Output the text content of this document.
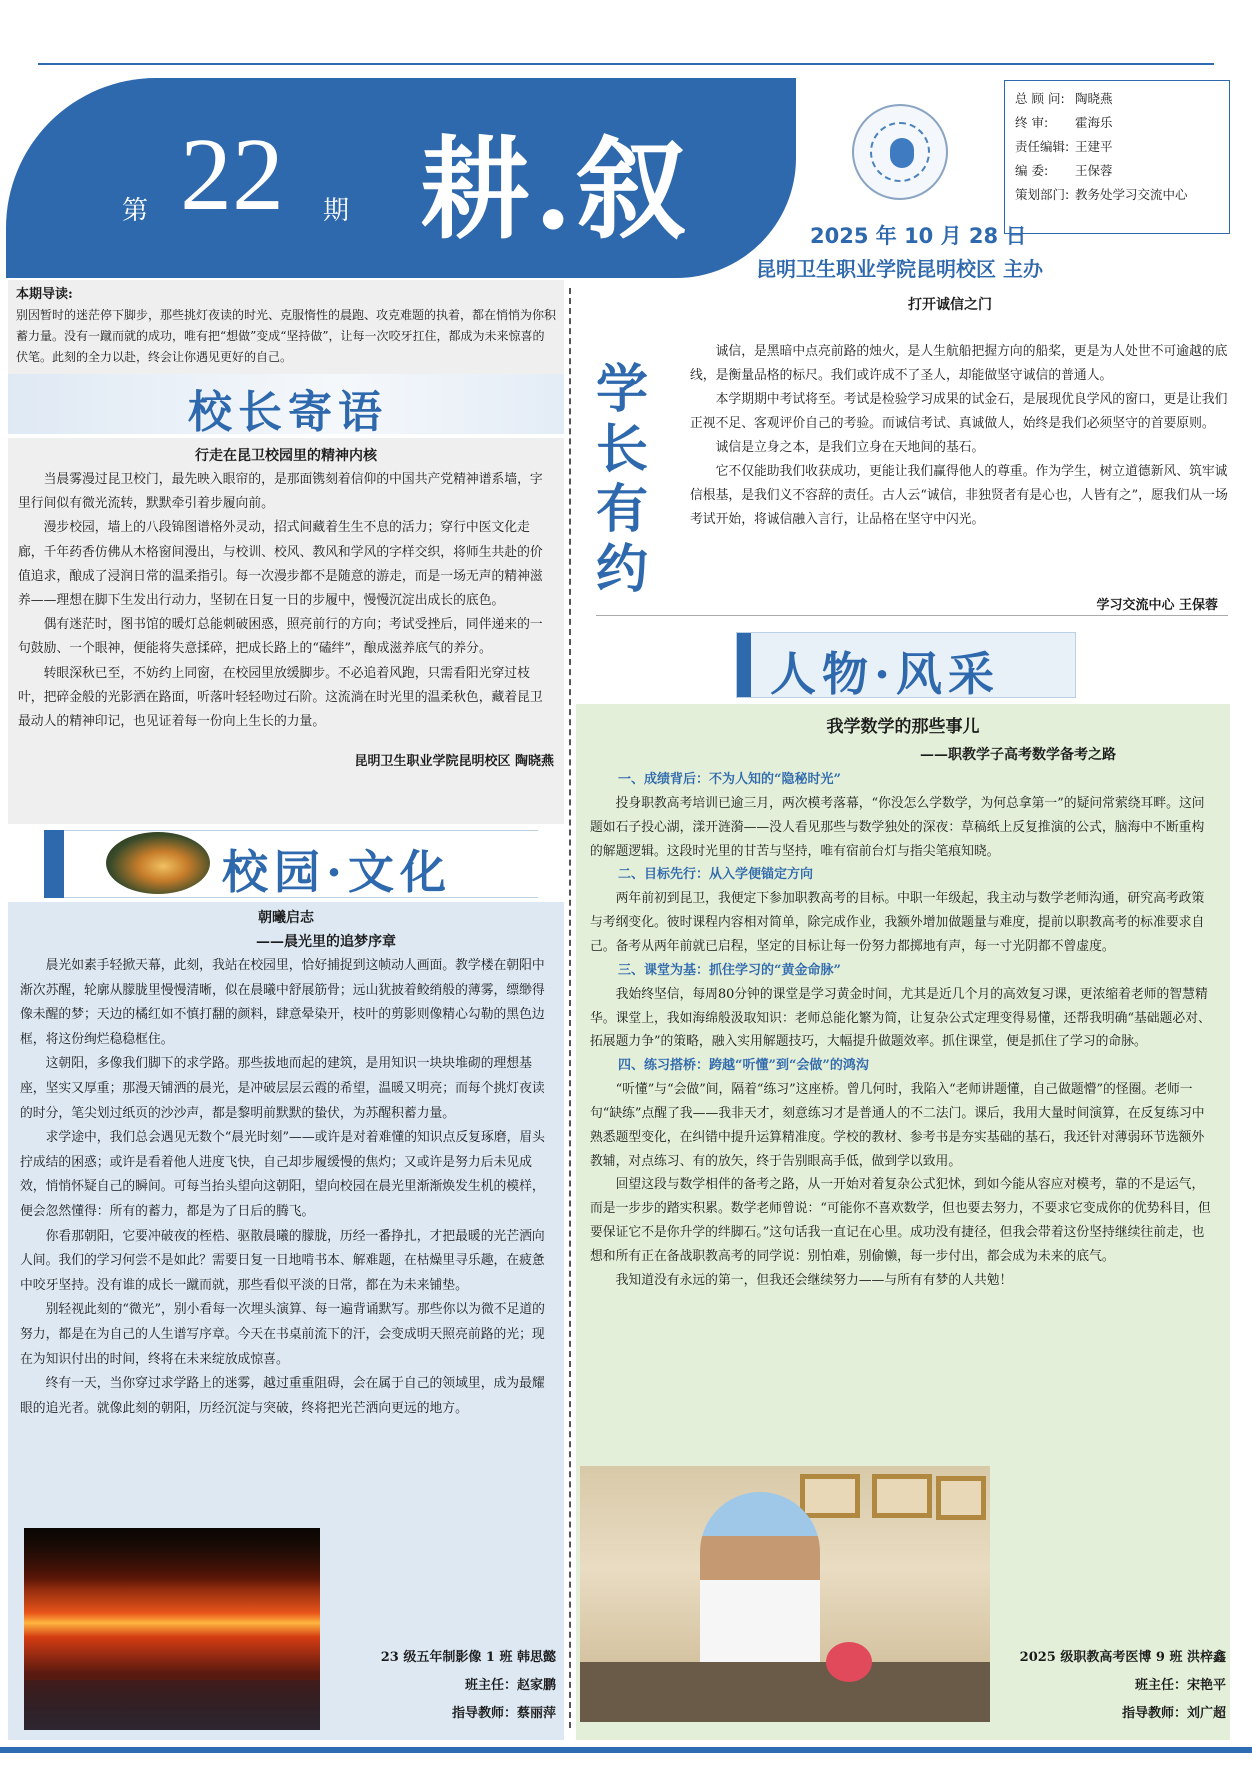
第 22 期 耕.叙	2025 年 10 月 28 日
昆明卫生职业学院昆明校区 主办
总 顾 问: 陶晓燕
终 审:	霍海乐
责任编辑: 王建平
编 委:	王保蓉
策划部门: 教务处学习交流中心
本期导读:
别因暂时的迷茫停下脚步，那些挑灯夜读的时光、克服惰性的晨跑、攻克难题的执着，都在悄悄为你积蓄力量。没有一蹴而就的成功，唯有把“想做”变成“坚持做”，让每一次咬牙扛住，都成为未来惊喜的伏笔。此刻的全力以赴，终会让你遇见更好的自己。
校长寄语
行走在昆卫校园里的精神内核

当晨雾漫过昆卫校门，最先映入眼帘的，是那面镌刻着信仰的中国共产党精神谱系墙，字里行间似有微光流转，默默牵引着步履向前。

漫步校园，墙上的八段锦图谱格外灵动，招式间藏着生生不息的活力；穿行中医文化走廊，千年药香仿佛从木格窗间漫出，与校训、校风、教风和学风的字样交织，将师生共赴的价值追求，酿成了浸润日常的温柔指引。每一次漫步都不是随意的游走，而是一场无声的精神滋养——理想在脚下生发出行动力，坚韧在日复一日的步履中，慢慢沉淀出成长的底色。

偶有迷茫时，图书馆的暖灯总能刺破困惑，照亮前行的方向；考试受挫后，同伴递来的一句鼓励、一个眼神，便能将失意揉碎，把成长路上的“磕绊”，酿成滋养底气的养分。

转眼深秋已至，不妨约上同窗，在校园里放缓脚步。不必追着风跑，只需看阳光穿过枝叶，把碎金般的光影洒在路面，听落叶轻轻吻过石阶。这流淌在时光里的温柔秋色，藏着昆卫最动人的精神印记，也见证着每一份向上生长的力量。

昆明卫生职业学院昆明校区 陶晓燕
校园·文化
朝曦启志
——晨光里的追梦序章

晨光如素手轻掀天幕，此刻，我站在校园里，恰好捕捉到这帧动人画面。教学楼在朝阳中渐次苏醒，轮廓从朦胧里慢慢清晰，似在晨曦中舒展筋骨；远山犹披着鲛绡般的薄雾，缥缈得像未醒的梦；天边的橘红如不慎打翻的颜料，肆意晕染开，枝叶的剪影则像精心勾勒的黑色边框，将这份绚烂稳稳框住。

这朝阳，多像我们脚下的求学路。那些拔地而起的建筑，是用知识一块块堆砌的理想基座，坚实又厚重；那漫天铺洒的晨光，是冲破层层云霞的希望，温暖又明亮；而每个挑灯夜读的时分，笔尖划过纸页的沙沙声，都是黎明前默默的蛰伏，为苏醒积蓄力量。

求学途中，我们总会遇见无数个“晨光时刻”——或许是对着难懂的知识点反复琢磨，眉头拧成结的困惑；或许是看着他人进度飞快，自己却步履缓慢的焦灼；又或许是努力后未见成效，悄悄怀疑自己的瞬间。可每当抬头望向这朝阳，望向校园在晨光里渐渐焕发生机的模样，便会忽然懂得：所有的蓄力，都是为了日后的腾飞。

你看那朝阳，它要冲破夜的桎梏、驱散晨曦的朦胧，历经一番挣扎，才把最暖的光芒洒向人间。我们的学习何尝不是如此？需要日复一日地啃书本、解难题，在枯燥里寻乐趣，在疲惫中咬牙坚持。没有谁的成长一蹴而就，那些看似平淡的日常，都在为未来铺垫。

别轻视此刻的“微光”，别小看每一次埋头演算、每一遍背诵默写。那些你以为微不足道的努力，都是在为自己的人生谱写序章。今天在书桌前流下的汗，会变成明天照亮前路的光；现在为知识付出的时间，终将在未来绽放成惊喜。

终有一天，当你穿过求学路上的迷雾，越过重重阻碍，会在属于自己的领域里，成为最耀眼的追光者。就像此刻的朝阳，历经沉淀与突破，终将把光芒洒向更远的地方。

23 级五年制影像 1 班 韩思懿
班主任：赵家鹏
指导教师：蔡丽萍
学长有约
打开诚信之门

诚信，是黑暗中点亮前路的烛火，是人生航船把握方向的船桨，更是为人处世不可逾越的底线，是衡量品格的标尺。我们或许成不了圣人，却能做坚守诚信的普通人。

本学期期中考试将至。考试是检验学习成果的试金石，是展现优良学风的窗口，更是让我们正视不足、客观评价自己的考验。而诚信考试、真诚做人，始终是我们必须坚守的首要原则。

诚信是立身之本，是我们立身在天地间的基石。

它不仅能助我们收获成功，更能让我们赢得他人的尊重。作为学生，树立道德新风、筑牢诚信根基，是我们义不容辞的责任。古人云“诚信，非独贤者有是心也，人皆有之”，愿我们从一场考试开始，将诚信融入言行，让品格在坚守中闪光。

学习交流中心 王保蓉
人物·风采
我学数学的那些事儿
——职教学子高考数学备考之路
一、成绩背后：不为人知的“隐秘时光”

投身职教高考培训已逾三月，两次模考落幕，“你没怎么学数学，为何总拿第一”的疑问常萦绕耳畔。这问题如石子投心湖，漾开涟漪——没人看见那些与数学独处的深夜：草稿纸上反复推演的公式，脑海中不断重构的解题逻辑。这段时光里的甘苦与坚持，唯有宿前台灯与指尖笔痕知晓。

二、目标先行：从入学便锚定方向

两年前初到昆卫，我便定下参加职教高考的目标。中职一年级起，我主动与数学老师沟通，研究高考政策与考纲变化。彼时课程内容相对简单，除完成作业，我额外增加做题量与难度，提前以职教高考的标准要求自己。备考从两年前就已启程，坚定的目标让每一份努力都掷地有声，每一寸光阴都不曾虚度。

三、课堂为基：抓住学习的“黄金命脉”

我始终坚信，每周80分钟的课堂是学习黄金时间，尤其是近几个月的高效复习课，更浓缩着老师的智慧精华。课堂上，我如海绵般汲取知识：老师总能化繁为简，让复杂公式定理变得易懂，还帮我明确“基础题必对、拓展题力争”的策略，融入实用解题技巧，大幅提升做题效率。抓住课堂，便是抓住了学习的命脉。

四、练习搭桥：跨越“听懂”到“会做”的鸿沟

“听懂”与“会做”间，隔着“练习”这座桥。曾几何时，我陷入“老师讲题懂，自己做题懵”的怪圈。老师一句“缺练”点醒了我——我非天才，刻意练习才是普通人的不二法门。课后，我用大量时间演算，在反复练习中熟悉题型变化，在纠错中提升运算精准度。学校的教材、参考书是夯实基础的基石，我还针对薄弱环节选额外教辅，对点练习、有的放矢，终于告别眼高手低，做到学以致用。

回望这段与数学相伴的备考之路，从一开始对着复杂公式犯怵，到如今能从容应对模考，靠的不是运气，而是一步步的踏实积累。数学老师曾说：“可能你不喜欢数学，但也要去努力，不要求它变成你的优势科目，但要保证它不是你升学的绊脚石。”这句话我一直记在心里。成功没有捷径，但我会带着这份坚持继续往前走，也想和所有正在备战职教高考的同学说：别怕难，别偷懒，每一步付出，都会成为未来的底气。

我知道没有永远的第一，但我还会继续努力——与所有有梦的人共勉！

2025 级职教高考医博 9 班 洪梓鑫
班主任：宋艳平
指导教师：刘广超
